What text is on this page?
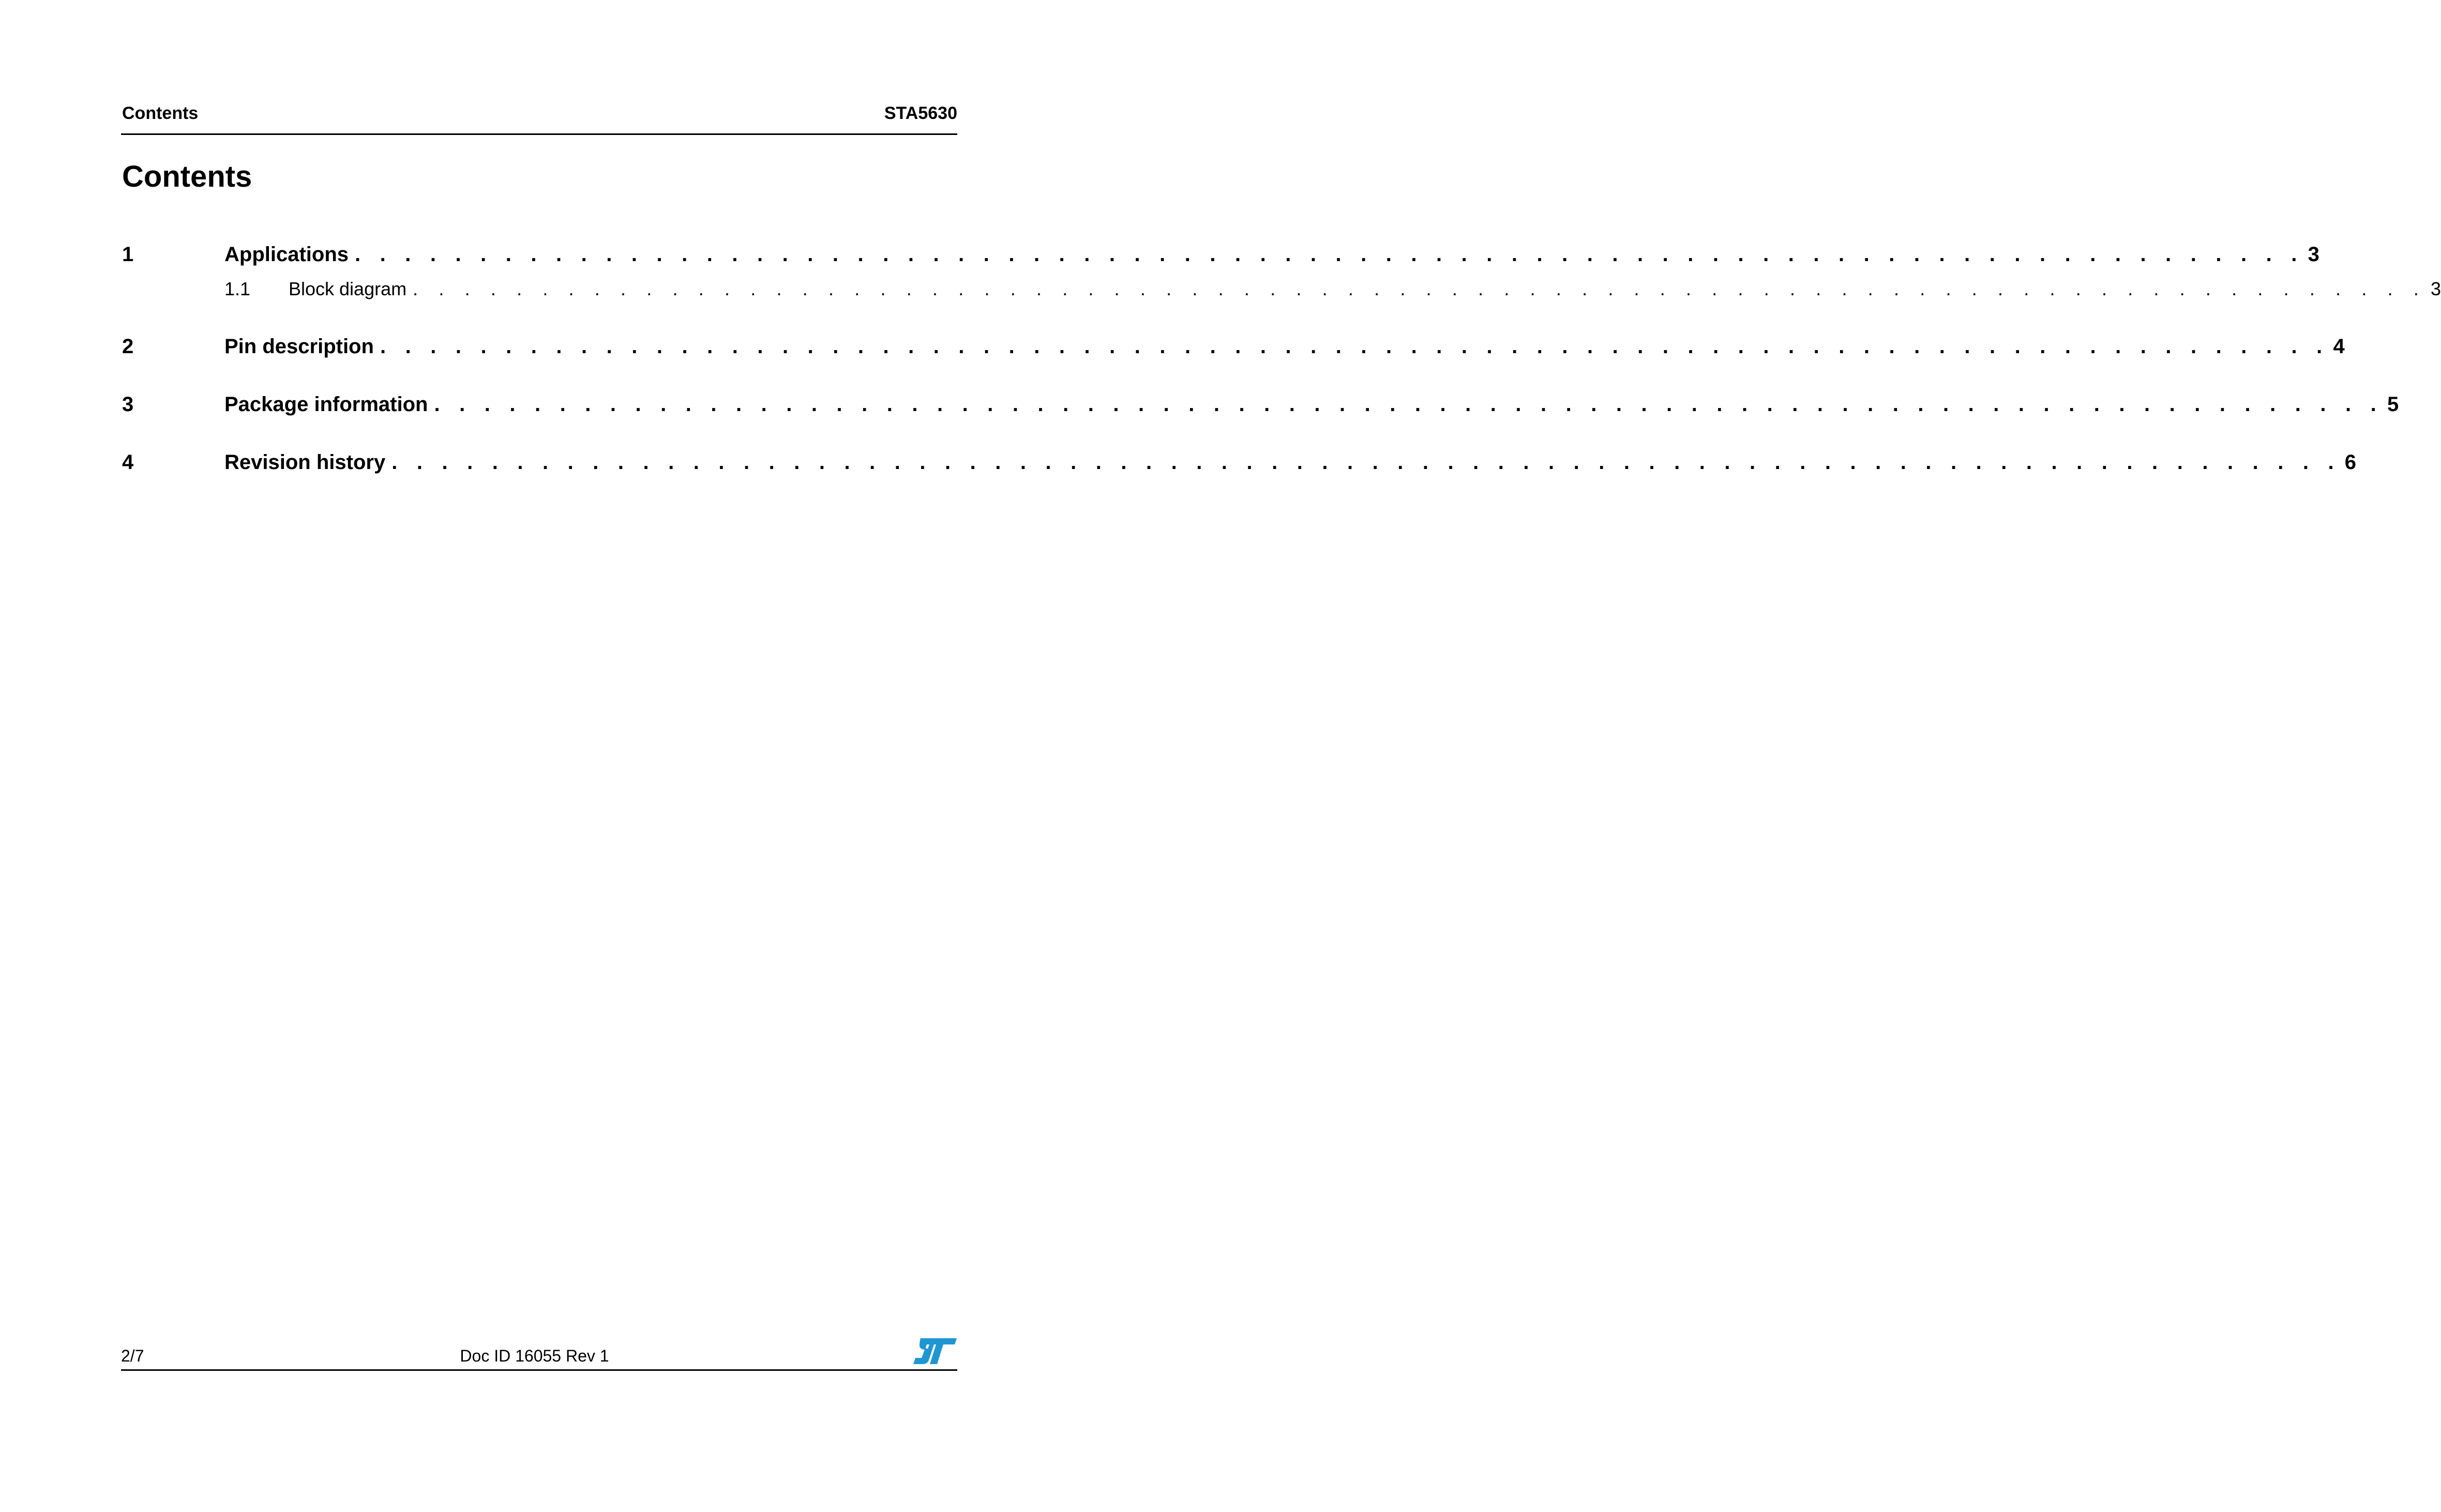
Contents	STA5630
Contents
1	Applications . . . . . . . . . . . . . . . . . . . . . . . . . . . . . . . . . . . . . . . . . . . . . . . . . . . . . . . . . . . . . . . . . . . . . . . . . . . . . . 3
1.1	Block diagram . . . . . . . . . . . . . . . . . . . . . . . . . . . . . . . . . . . . . . . . . . . . . . . . . . . . . . . . . . . . . . . . . . . . . . . . . . . . . . 3
2	Pin description . . . . . . . . . . . . . . . . . . . . . . . . . . . . . . . . . . . . . . . . . . . . . . . . . . . . . . . . . . . . . . . . . . . . . . . . . . . . . . 4
3	Package information . . . . . . . . . . . . . . . . . . . . . . . . . . . . . . . . . . . . . . . . . . . . . . . . . . . . . . . . . . . . . . . . . . . . . . . . . . . . . . 5
4	Revision history . . . . . . . . . . . . . . . . . . . . . . . . . . . . . . . . . . . . . . . . . . . . . . . . . . . . . . . . . . . . . . . . . . . . . . . . . . . . . . 6
2/7	Doc ID 16055 Rev 1
